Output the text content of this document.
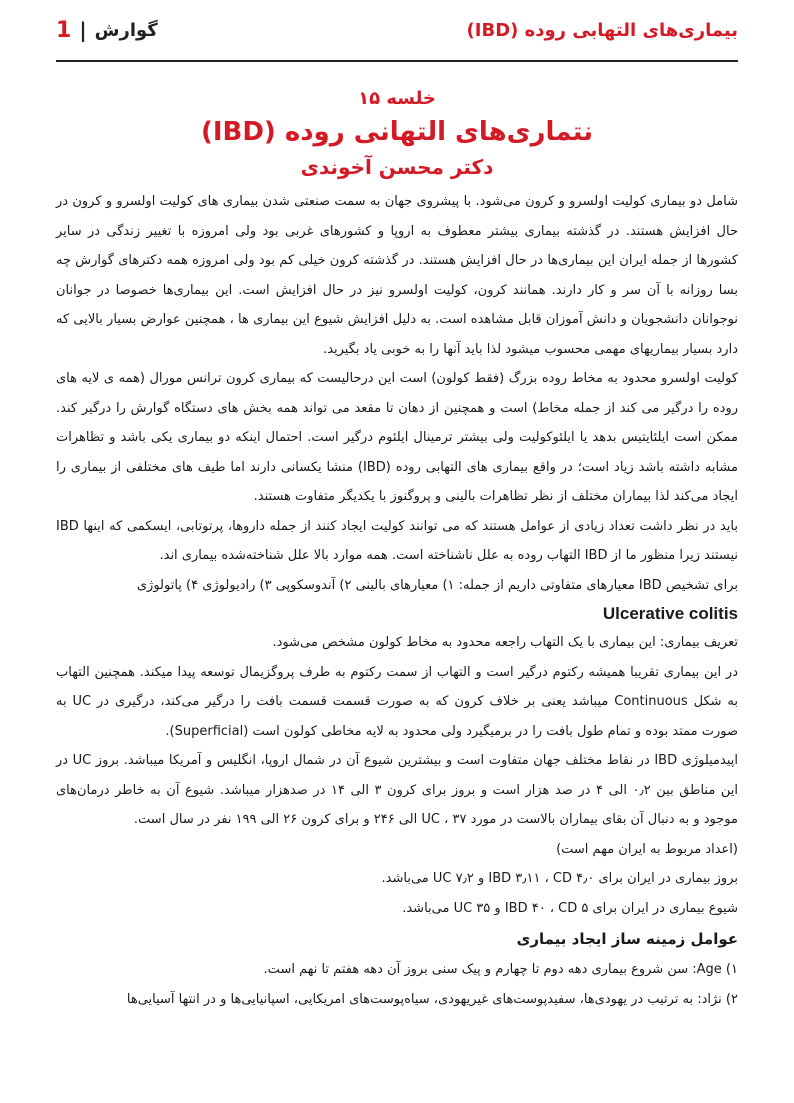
بیماری‌های التهابی روده (IBD)
1 | گوارش
خلسه ۱۵
نتماری‌های التهانی روده (IBD)
دکتر محسن آخوندی

شامل دو بیماری کولیت اولسرو و کرون می‌شود. با پیشروی جهان به سمت صنعتی شدن بیماری های کولیت اولسرو و کرون در حال افزایش هستند. در گذشته بیماری بیشتر معطوف به اروپا و کشورهای غربی بود ولی امروزه با تغییر زندگی در سایر کشورها از جمله ایران این بیماری‌ها در حال افزایش هستند. در گذشته کرون خیلی کم بود ولی امروزه همه دکترهای گوارش چه بسا روزانه با آن سر و کار دارند. همانند کرون، کولیت اولسرو نیز در حال افزایش است. این بیماری‌ها خصوصا در جوانان نوجوانان دانشجویان و دانش آموزان قابل مشاهده است. به دلیل افزایش شیوع این بیماری ها ، همچنین عوارض بسیار بالایی که دارد بسیار بیماریهای مهمی محسوب میشود لذا باید آنها را به خوبی یاد بگیرید.

کولیت اولسرو محدود به مخاط روده بزرگ (فقط کولون) است این درحالیست که بیماری کرون ترانس مورال (همه ی لایه های روده را درگیر می کند از جمله مخاط) است و همچنین از دهان تا مقعد می تواند همه بخش های دستگاه گوارش را درگیر کند. ممکن است ایلئایتیس بدهد یا ایلئوکولیت ولی بیشتر ترمینال ایلئوم درگیر است. احتمال اینکه دو بیماری یکی باشد و تظاهرات مشابه داشته باشد زیاد است؛ در واقع بیماری های التهابی روده (IBD) منشا یکسانی دارند اما طیف های مختلفی از بیماری را ایجاد می‌کند لذا بیماران مختلف از نظر تظاهرات بالینی و پروگنوز با یکدیگر متفاوت هستند.

باید در نظر داشت تعداد زیادی از عوامل هستند که می توانند کولیت ایجاد کنند از جمله داروها، پرتوتابی، ایسکمی که اینها IBD نیستند زیرا منظور ما از IBD التهاب روده به علل ناشناخته است. همه موارد بالا علل شناخته‌شده بیماری اند.

برای تشخیص IBD معیارهای متفاوتی داریم از جمله: ۱) معیارهای بالینی ۲) آندوسکوپی ۳) رادیولوژی ۴) پاتولوژی

Ulcerative colitis

تعریف بیماری: این بیماری با یک التهاب راجعه محدود به مخاط کولون مشخص می‌شود.

در این بیماری تقریبا همیشه رکتوم درگیر است و التهاب از سمت رکتوم به طرف پروگزیمال توسعه پیدا میکند. همچنین التهاب به شکل Continuous میباشد یعنی بر خلاف کرون که به صورت قسمت قسمت بافت را درگیر می‌کند، درگیری در UC به صورت ممتد بوده و تمام طول بافت را در برمیگیرد ولی محدود به لایه مخاطی کولون است (Superficial).

اپیدمیلوژی IBD در نقاط مختلف جهان متفاوت است و بیشترین شیوع آن در شمال اروپا، انگلیس و آمریکا میباشد. بروز UC در این مناطق بین ۰٫۲ الی ۴ در صد هزار است و بروز برای کرون ۳ الی ۱۴ در صدهزار میباشد. شیوع آن به خاطر درمان‌های موجود و به دنبال آن بقای بیماران بالاست در مورد UC ، ۳۷ الی ۲۴۶ و برای کرون ۲۶ الی ۱۹۹ نفر در سال است.

(اعداد مربوط به ایران مهم است)

بروز بیماری در ایران برای IBD ۳٫۱۱ ، CD ۴٫۰ و UC ۷٫۲ می‌باشد.

شیوع بیماری در ایران برای IBD ۴۰ ، CD ۵ و UC ۳۵ می‌باشد.

عوامل زمینه ساز ایجاد بیماری

۱) Age: سن شروع بیماری دهه دوم تا چهارم و پیک سنی بروز آن دهه هفتم تا نهم است.

۲) نژاد: به ترتیب در یهودی‌ها، سفیدپوست‌های غیریهودی، سیاه‌پوست‌های امریکایی، اسپانیایی‌ها و در انتها آسیایی‌ها
